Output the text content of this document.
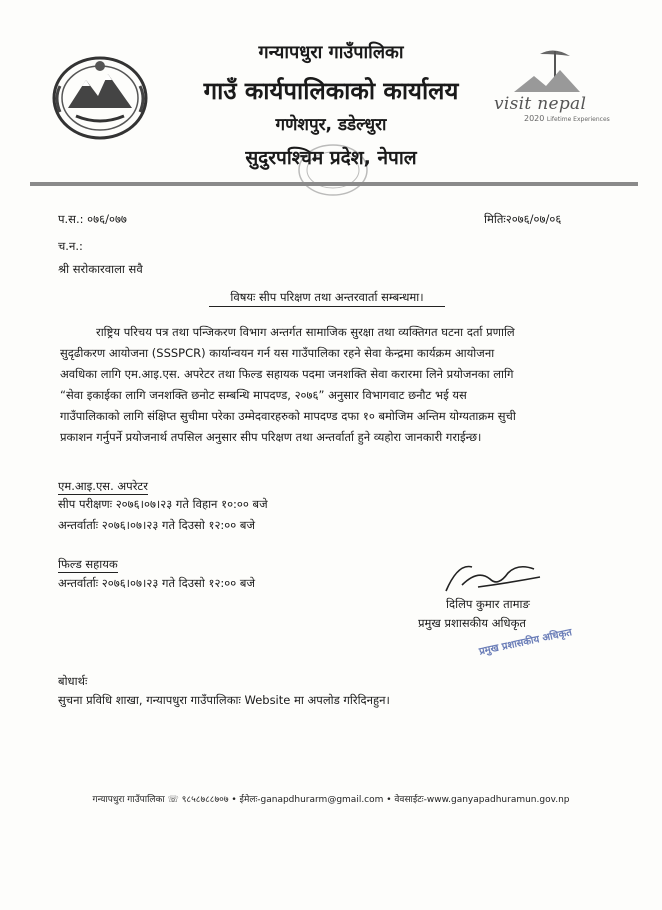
visit nepal
2020 Lifetime Experiences
गन्यापधुरा गाउँपालिका
गाउँ कार्यपालिकाको कार्यालय
गणेशपुर, डडेल्धुरा
सुदुरपश्चिम प्रदेश, नेपाल
प.स.: ०७६/०७७
च.न.:
मितिः२०७६/०७/०६
श्री सरोकारवाला सवै
विषयः सीप परिक्षण तथा अन्तरवार्ता सम्बन्धमा।

राष्ट्रिय परिचय पत्र तथा पन्जिकरण विभाग अन्तर्गत सामाजिक सुरक्षा तथा व्यक्तिगत घटना दर्ता प्रणालि

सुदृढीकरण आयोजना (SSSPCR) कार्यान्वयन गर्न यस गाउँपालिका रहने सेवा केन्द्रमा कार्यक्रम आयोजना

अवधिका लागि एम.आइ.एस. अपरेटर तथा फिल्ड सहायक पदमा जनशक्ति सेवा करारमा लिने प्रयोजनका लागि

“सेवा इकाईका लागि जनशक्ति छनोट सम्बन्धि मापदण्ड, २०७६” अनुसार विभागवाट छनौट भई यस

गाउँपालिकाको लागि संक्षिप्त सुचीमा परेका उम्मेदवारहरुको मापदण्ड दफा १० बमोजिम अन्तिम योग्यताक्रम सुची

प्रकाशन गर्नुपर्ने प्रयोजनार्थ तपसिल अनुसार सीप परिक्षण तथा अन्तर्वार्ता हुने व्यहोरा जानकारी गराईन्छ।

एम.आइ.एस. अपरेटर
सीप परीक्षणः २०७६।०७।२३ गते विहान १०:०० बजे
अन्तर्वार्ताः २०७६।०७।२३ गते दिउसो १२:०० बजे
फिल्ड सहायक
अन्तर्वार्ताः २०७६।०७।२३ गते दिउसो १२:०० बजे
दिलिप कुमार तामाङ
प्रमुख प्रशासकीय अधिकृत
प्रमुख प्रशासकीय अधिकृत
बोधार्थः
सुचना प्रविधि शाखा, गन्यापधुरा गाउँपालिकाः Website मा अपलोड गरिदिनहुन।
गन्यापधुरा गाउँपालिका ☏ ९८५८७८८७०७ • ईमेलः-ganapdhurarm@gmail.com • वेवसाईटः-www.ganyapadhuramun.gov.np
